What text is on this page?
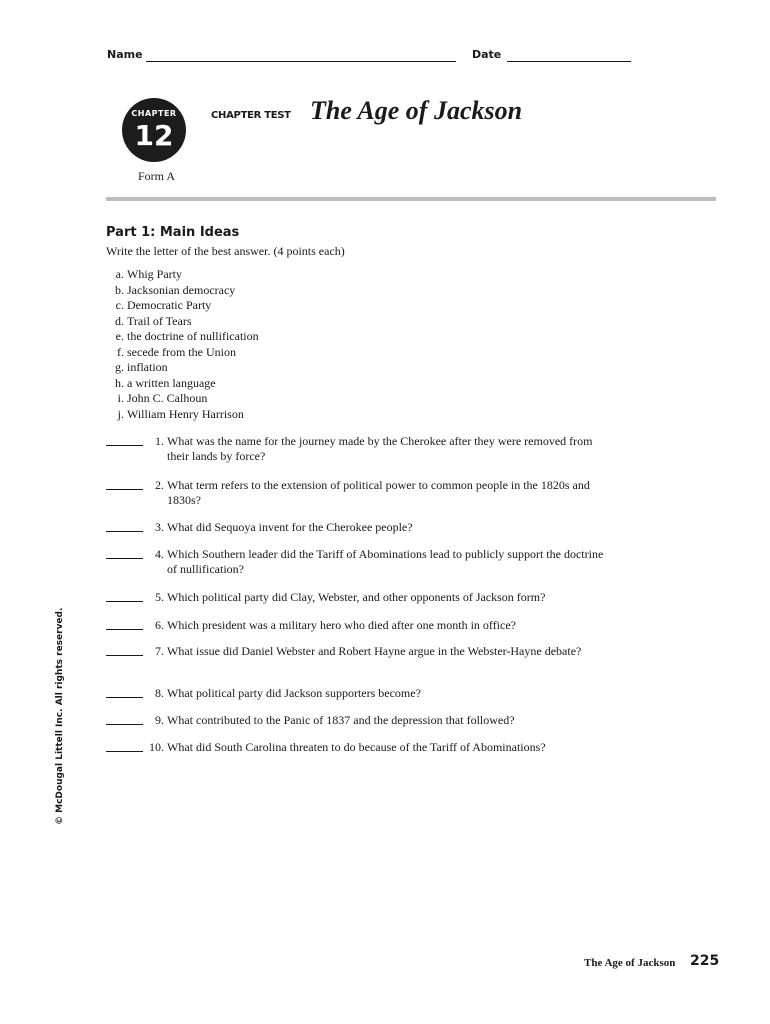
Name	Date
CHAPTER
12
CHAPTER TEST The Age of Jackson
Form A
Part 1: Main Ideas
Write the letter of the best answer. (4 points each)
a. Whig Party
b. Jacksonian democracy
c. Democratic Party
d. Trail of Tears
e. the doctrine of nullification
f. secede from the Union
g. inflation
h. a written language
i. John C. Calhoun
j. William Henry Harrison
1. What was the name for the journey made by the Cherokee after they were removed from their lands by force?
2. What term refers to the extension of political power to common people in the 1820s and 1830s?
3. What did Sequoya invent for the Cherokee people?
4. Which Southern leader did the Tariff of Abominations lead to publicly support the doctrine of nullification?
5. Which political party did Clay, Webster, and other opponents of Jackson form?
6. Which president was a military hero who died after one month in office?
7. What issue did Daniel Webster and Robert Hayne argue in the Webster-Hayne debate?
8. What political party did Jackson supporters become?
9. What contributed to the Panic of 1837 and the depression that followed?
10. What did South Carolina threaten to do because of the Tariff of Abominations?
© McDougal Littell Inc. All rights reserved.
The Age of Jackson 225
